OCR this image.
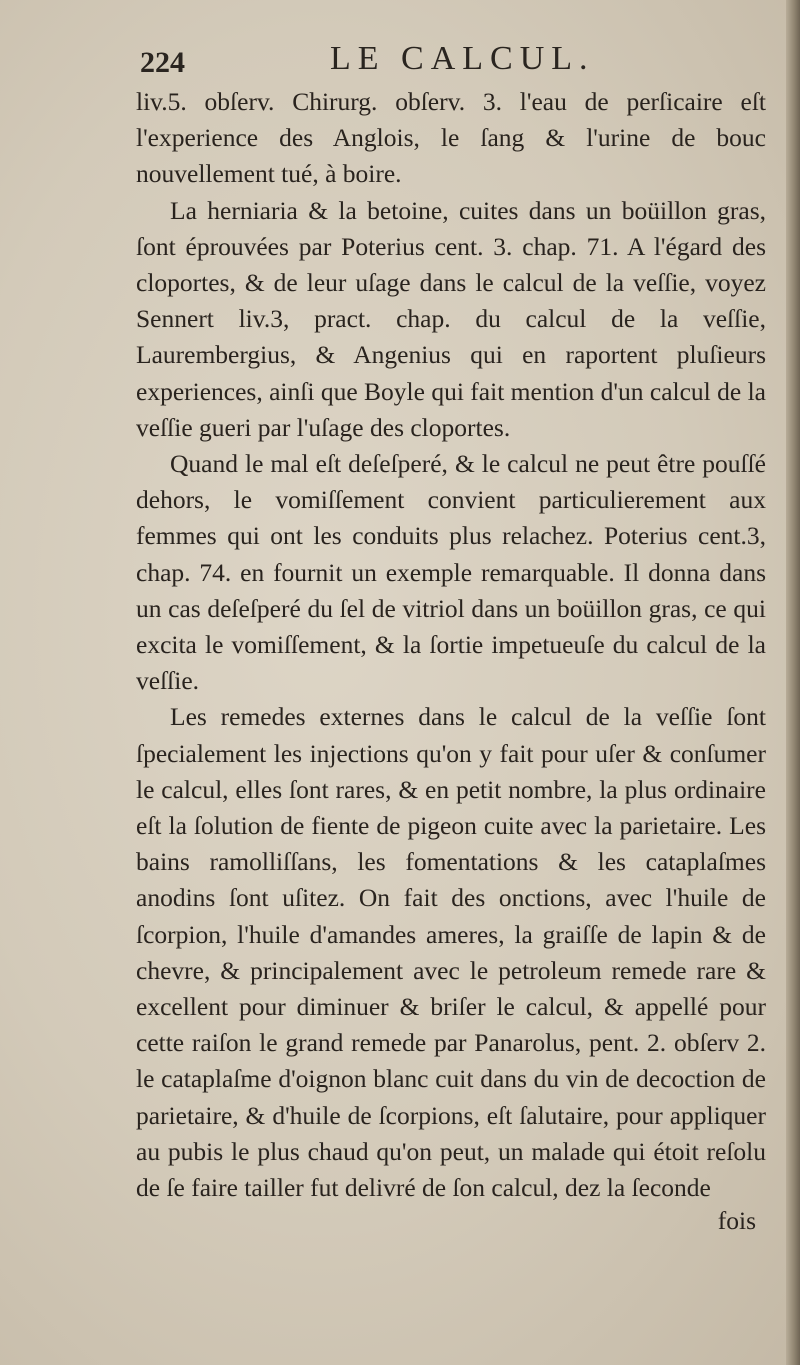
224	LE CALCUL.

liv.5. obſerv. Chirurg. obſerv. 3. l'eau de perſicaire eſt l'experience des Anglois, le ſang & l'urine de bouc nouvellement tué, à boire.

La herniaria & la betoine, cuites dans un boüillon gras, ſont éprouvées par Poterius cent. 3. chap. 71. A l'égard des cloportes, & de leur uſage dans le calcul de la veſſie, voyez Sennert liv.3, pract. chap. du calcul de la veſſie, Laurembergius, & Angenius qui en raportent pluſieurs experiences, ainſi que Boyle qui fait mention d'un calcul de la veſſie gueri par l'uſage des cloportes.

Quand le mal eſt deſeſperé, & le calcul ne peut être pouſſé dehors, le vomiſſement convient particulierement aux femmes qui ont les conduits plus relachez. Poterius cent.3, chap. 74. en fournit un exemple remarquable. Il donna dans un cas deſeſperé du ſel de vitriol dans un boüillon gras, ce qui excita le vomiſſement, & la ſortie impetueuſe du calcul de la veſſie.

Les remedes externes dans le calcul de la veſſie ſont ſpecialement les injections qu'on y fait pour uſer & conſumer le calcul, elles ſont rares, & en petit nombre, la plus ordinaire eſt la ſolution de fiente de pigeon cuite avec la parietaire. Les bains ramolliſſans, les fomentations & les cataplaſmes anodins ſont uſitez. On fait des onctions, avec l'huile de ſcorpion, l'huile d'amandes ameres, la graiſſe de lapin & de chevre, & principalement avec le petroleum remede rare & excellent pour diminuer & briſer le calcul, & appellé pour cette raiſon le grand remede par Panarolus, pent. 2. obſerv 2. le cataplaſme d'oignon blanc cuit dans du vin de decoction de parietaire, & d'huile de ſcorpions, eſt ſalutaire, pour appliquer au pubis le plus chaud qu'on peut, un malade qui étoit reſolu de ſe faire tailler fut delivré de ſon calcul, dez la ſeconde

fois
